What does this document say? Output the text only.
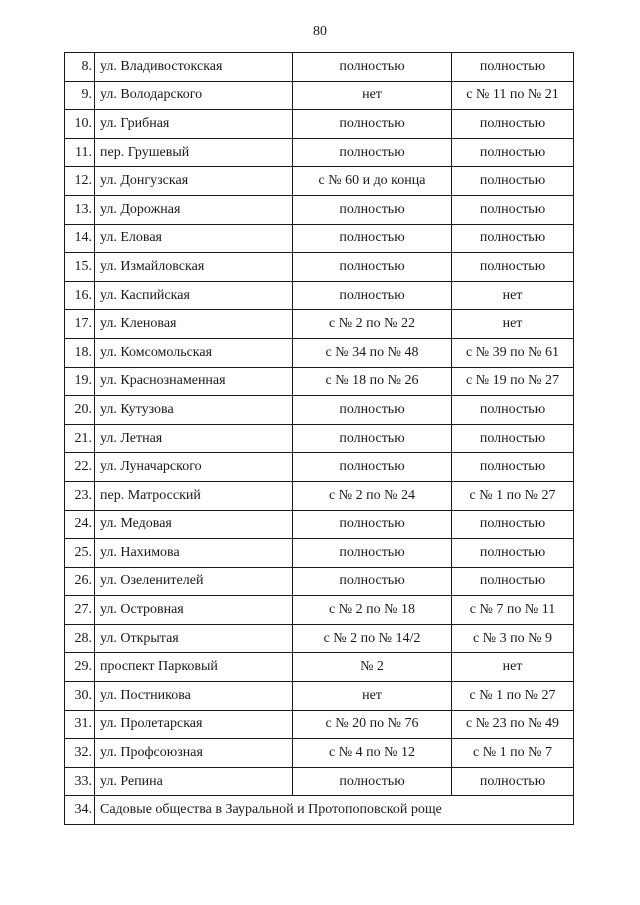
80
8.	ул. Владивостокская	полностью	полностью
9.	ул. Володарского	нет	с № 11 по № 21
10.	ул. Грибная	полностью	полностью
11.	пер. Грушевый	полностью	полностью
12.	ул. Донгузская	с № 60 и до конца	полностью
13.	ул. Дорожная	полностью	полностью
14.	ул. Еловая	полностью	полностью
15.	ул. Измайловская	полностью	полностью
16.	ул. Каспийская	полностью	нет
17.	ул. Кленовая	с № 2 по № 22	нет
18.	ул. Комсомольская	с № 34 по № 48	с № 39 по № 61
19.	ул. Краснознаменная	с № 18 по № 26	с № 19 по № 27
20.	ул. Кутузова	полностью	полностью
21.	ул. Летная	полностью	полностью
22.	ул. Луначарского	полностью	полностью
23.	пер. Матросский	с № 2 по № 24	с № 1 по № 27
24.	ул. Медовая	полностью	полностью
25.	ул. Нахимова	полностью	полностью
26.	ул. Озеленителей	полностью	полностью
27.	ул. Островная	с № 2 по № 18	с № 7 по № 11
28.	ул. Открытая	с № 2 по № 14/2	с № 3 по № 9
29.	проспект Парковый	№ 2	нет
30.	ул. Постникова	нет	с № 1 по № 27
31.	ул. Пролетарская	с № 20 по № 76	с № 23 по № 49
32.	ул. Профсоюзная	с № 4 по № 12	с № 1 по № 7
33.	ул. Репина	полностью	полностью
34.	Садовые общества в Зауральной и Протопоповской роще		
